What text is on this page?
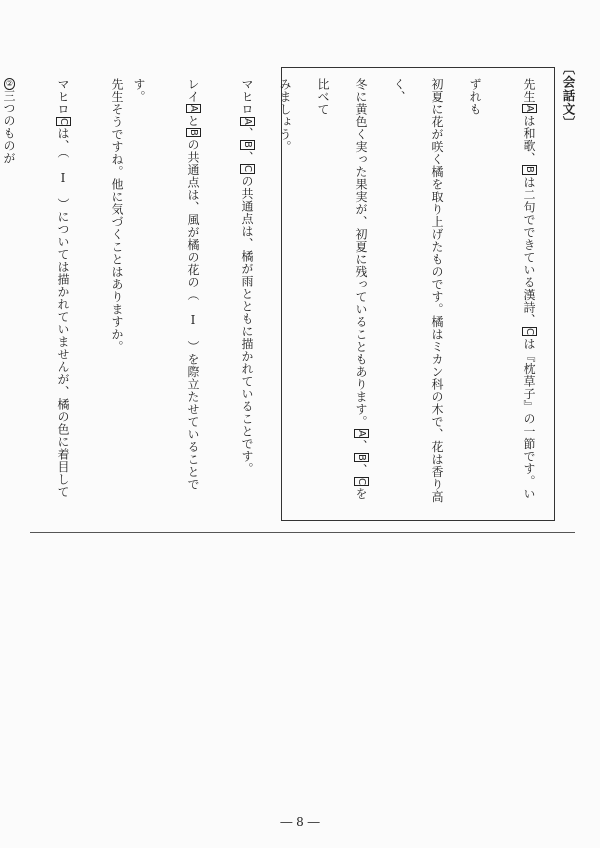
〔会話文〕
先生Aは和歌、Bは二句でできている漢詩、Cは『枕草子』の一節です。いずれも
初夏に花が咲く橘を取り上げたものです。橘はミカン科の木で、花は香り高く、
冬に黄色く実った果実が、初夏に残っていることもあります。A、B、Cを比べて
みましょう。
マヒロA、B、Cの共通点は、橘が雨とともに描かれていることです。
レイAとBの共通点は、風が橘の花の（　Ⅰ　）を際立たせていることです。
先生そうですね。他に気づくことはありますか。
マヒロCは、（　Ⅰ　）については描かれていませんが、橘の色に着目して②三つのものが
― 8 ―
